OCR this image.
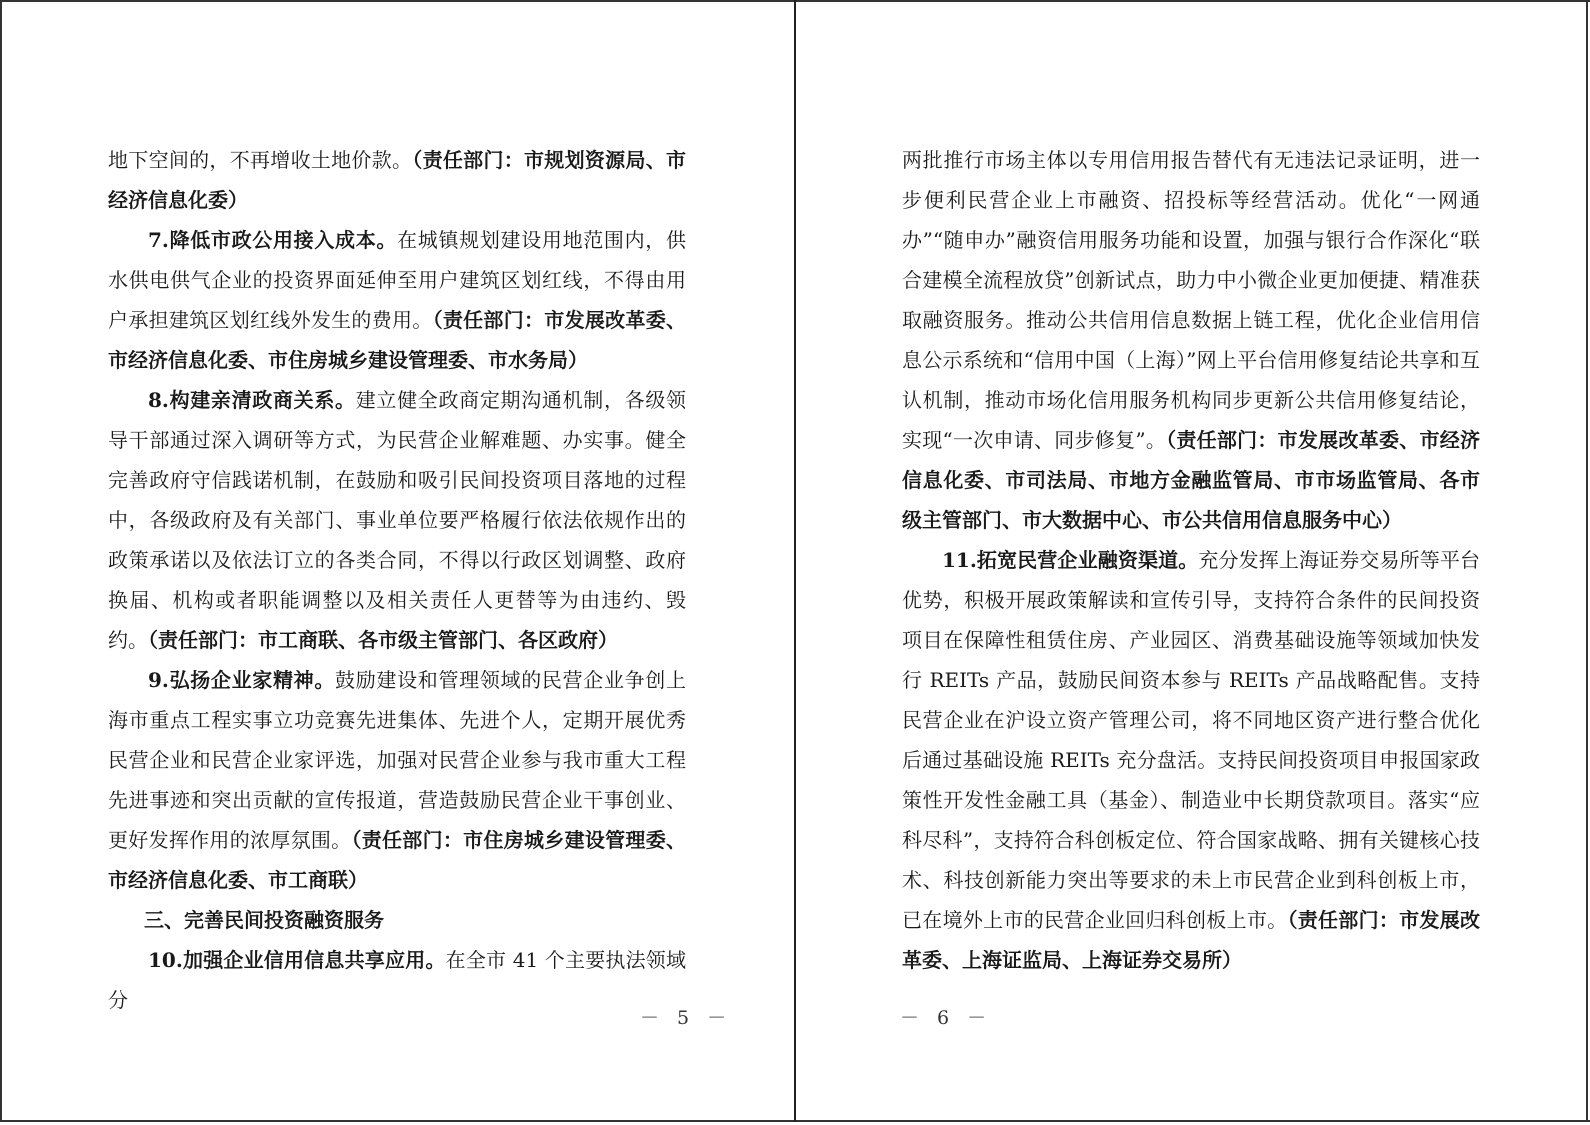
地下空间的，不再增收土地价款。（责任部门：市规划资源局、市经济信息化委）

7.降低市政公用接入成本。在城镇规划建设用地范围内，供水供电供气企业的投资界面延伸至用户建筑区划红线，不得由用户承担建筑区划红线外发生的费用。（责任部门：市发展改革委、市经济信息化委、市住房城乡建设管理委、市水务局）

8.构建亲清政商关系。建立健全政商定期沟通机制，各级领导干部通过深入调研等方式，为民营企业解难题、办实事。健全完善政府守信践诺机制，在鼓励和吸引民间投资项目落地的过程中，各级政府及有关部门、事业单位要严格履行依法依规作出的政策承诺以及依法订立的各类合同，不得以行政区划调整、政府换届、机构或者职能调整以及相关责任人更替等为由违约、毁约。（责任部门：市工商联、各市级主管部门、各区政府）

9.弘扬企业家精神。鼓励建设和管理领域的民营企业争创上海市重点工程实事立功竞赛先进集体、先进个人，定期开展优秀民营企业和民营企业家评选，加强对民营企业参与我市重大工程先进事迹和突出贡献的宣传报道，营造鼓励民营企业干事创业、更好发挥作用的浓厚氛围。（责任部门：市住房城乡建设管理委、市经济信息化委、市工商联）

三、完善民间投资融资服务

10.加强企业信用信息共享应用。在全市 41 个主要执法领域分

－ 5 －

两批推行市场主体以专用信用报告替代有无违法记录证明，进一步便利民营企业上市融资、招投标等经营活动。优化“一网通办”“随申办”融资信用服务功能和设置，加强与银行合作深化“联合建模全流程放贷”创新试点，助力中小微企业更加便捷、精准获取融资服务。推动公共信用信息数据上链工程，优化企业信用信息公示系统和“信用中国（上海）”网上平台信用修复结论共享和互认机制，推动市场化信用服务机构同步更新公共信用修复结论，实现“一次申请、同步修复”。（责任部门：市发展改革委、市经济信息化委、市司法局、市地方金融监管局、市市场监管局、各市级主管部门、市大数据中心、市公共信用信息服务中心）

11.拓宽民营企业融资渠道。充分发挥上海证券交易所等平台优势，积极开展政策解读和宣传引导，支持符合条件的民间投资项目在保障性租赁住房、产业园区、消费基础设施等领域加快发行 REITs 产品，鼓励民间资本参与 REITs 产品战略配售。支持民营企业在沪设立资产管理公司，将不同地区资产进行整合优化后通过基础设施 REITs 充分盘活。支持民间投资项目申报国家政策性开发性金融工具（基金）、制造业中长期贷款项目。落实“应科尽科”，支持符合科创板定位、符合国家战略、拥有关键核心技术、科技创新能力突出等要求的未上市民营企业到科创板上市，已在境外上市的民营企业回归科创板上市。（责任部门：市发展改革委、上海证监局、上海证券交易所）

－ 6 －
